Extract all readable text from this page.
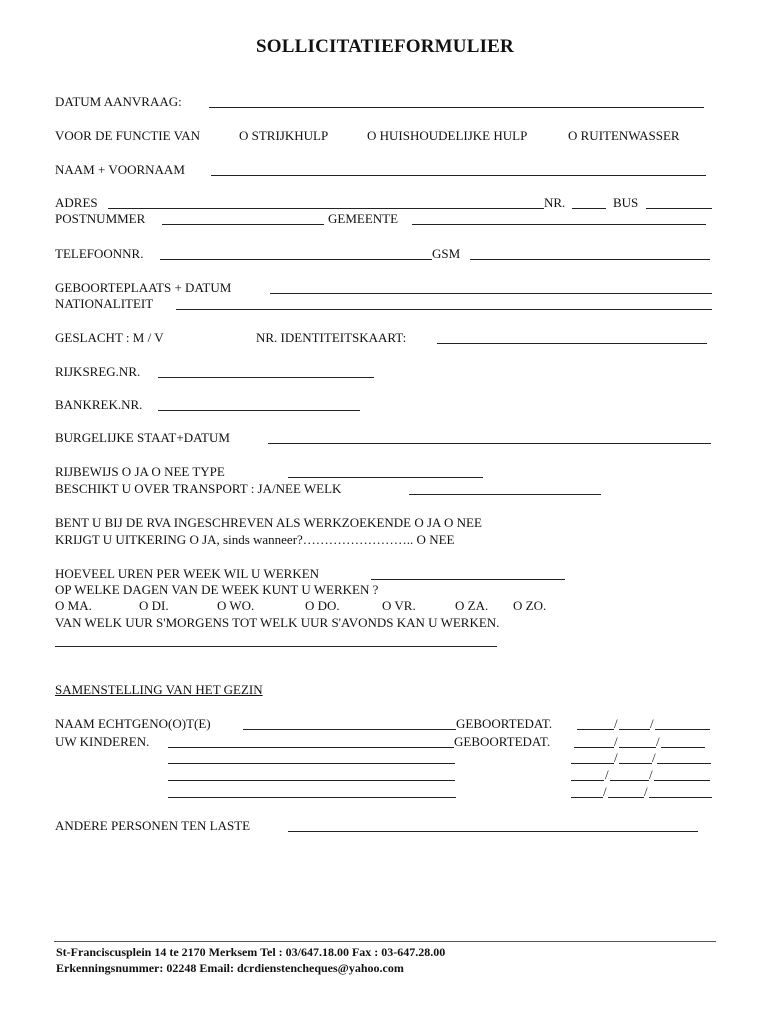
SOLLICITATIEFORMULIER
DATUM AANVRAAG:
VOOR DE FUNCTIE VAN	O STRIJKHULP	O HUISHOUDELIJKE HULP	O RUITENWASSER
NAAM + VOORNAAM
ADRES	NR.	BUS
POSTNUMMER	GEMEENTE
TELEFOONNR.	GSM
GEBOORTEPLAATS + DATUM
NATIONALITEIT
GESLACHT : M / V	NR. IDENTITEITSKAART:
RIJKSREG.NR.
BANKREK.NR.
BURGELIJKE STAAT+DATUM
RIJBEWIJS O JA O NEE TYPE
BESCHIKT U OVER TRANSPORT : JA/NEE WELK
BENT U BIJ DE RVA INGESCHREVEN ALS WERKZOEKENDE O JA O NEE
KRIJGT U UITKERING O JA, sinds wanneer?…………………….. O NEE
HOEVEEL UREN PER WEEK WIL U WERKEN
OP WELKE DAGEN VAN DE WEEK KUNT U WERKEN ?
O MA.	O DI.	O WO.	O DO.	O VR.	O ZA. O ZO.
VAN WELK UUR S'MORGENS TOT WELK UUR S'AVONDS KAN U WERKEN.
SAMENSTELLING VAN HET GEZIN
NAAM ECHTGENO(O)T(E)	GEBOORTEDAT.	/ /
UW KINDEREN.	GEBOORTEDAT.	/	/
/	/
/	/
/	/
ANDERE PERSONEN TEN LASTE
St-Franciscusplein 14 te 2170 Merksem Tel : 03/647.18.00 Fax : 03-647.28.00
Erkenningsnummer: 02248 Email: dcrdienstencheques@yahoo.com
